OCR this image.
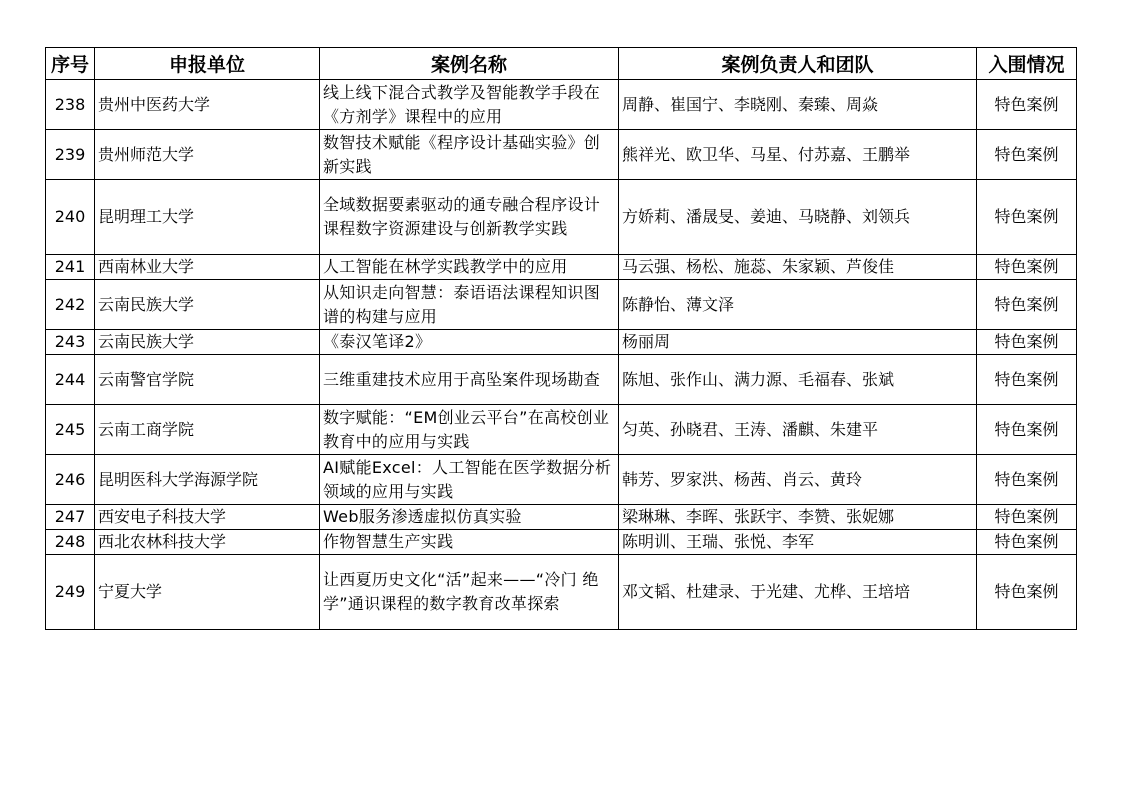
序号	申报单位	案例名称	案例负责人和团队	入围情况
238	贵州中医药大学	线上线下混合式教学及智能教学手段在《方剂学》课程中的应用	周静、崔国宁、李晓刚、秦臻、周焱	特色案例
239	贵州师范大学	数智技术赋能《程序设计基础实验》创新实践	熊祥光、欧卫华、马星、付苏嘉、王鹏举	特色案例
240	昆明理工大学	全域数据要素驱动的通专融合程序设计课程数字资源建设与创新教学实践	方娇莉、潘晟旻、姜迪、马晓静、刘领兵	特色案例
241	西南林业大学	人工智能在林学实践教学中的应用	马云强、杨松、施蕊、朱家颖、芦俊佳	特色案例
242	云南民族大学	从知识走向智慧：泰语语法课程知识图谱的构建与应用	陈静怡、薄文泽	特色案例
243	云南民族大学	《泰汉笔译2》	杨丽周	特色案例
244	云南警官学院	三维重建技术应用于高坠案件现场勘查	陈旭、张作山、满力源、毛福春、张斌	特色案例
245	云南工商学院	数字赋能：“EM创业云平台”在高校创业教育中的应用与实践	匀英、孙晓君、王涛、潘麒、朱建平	特色案例
246	昆明医科大学海源学院	AI赋能Excel：人工智能在医学数据分析领域的应用与实践	韩芳、罗家洪、杨茜、肖云、黄玲	特色案例
247	西安电子科技大学	Web服务渗透虚拟仿真实验	梁琳琳、李晖、张跃宇、李赞、张妮娜	特色案例
248	西北农林科技大学	作物智慧生产实践	陈明训、王瑞、张悦、李军	特色案例
249	宁夏大学	让西夏历史文化“活”起来——“冷门 绝学”通识课程的数字教育改革探索	邓文韬、杜建录、于光建、尤桦、王培培	特色案例
